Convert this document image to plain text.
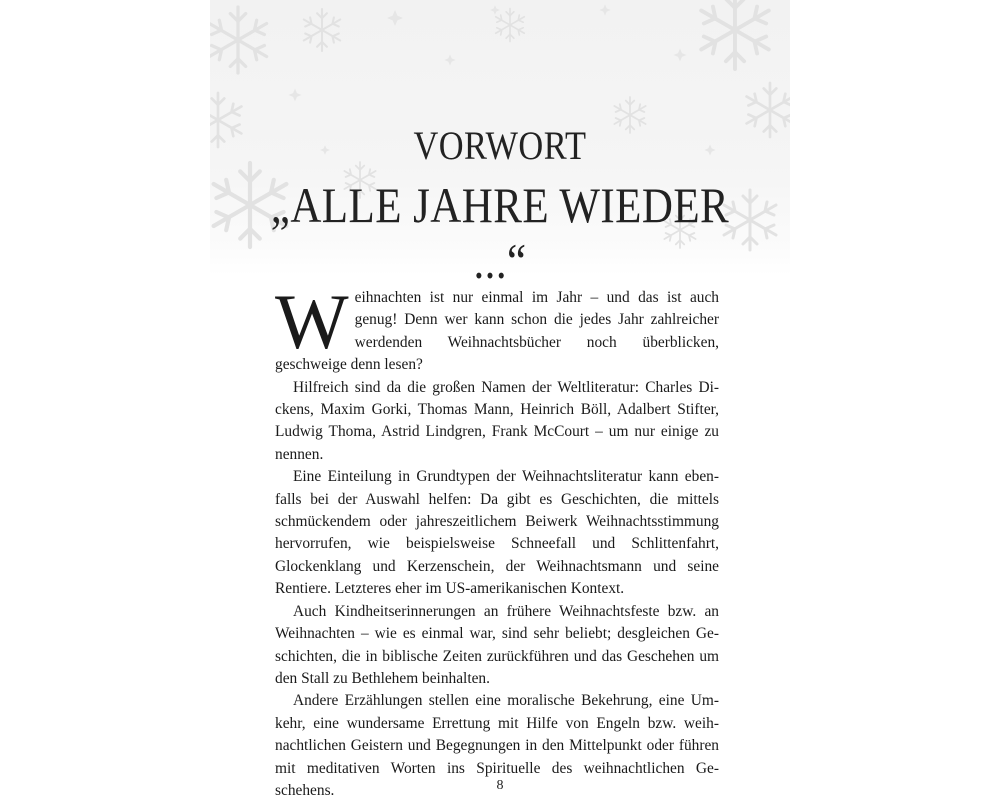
VORWORT
„ALLE JAHRE WIEDER ...“

Weihnachten ist nur einmal im Jahr – und das ist auch genug! Denn wer kann schon die jedes Jahr zahlreicher werdenden Weihnachtsbücher noch überblicken, geschweige denn lesen?

Hilfreich sind da die großen Namen der Weltliteratur: Charles Dickens, Maxim Gorki, Thomas Mann, Heinrich Böll, Adalbert Stifter, Ludwig Thoma, Astrid Lindgren, Frank McCourt – um nur einige zu nennen.

Eine Einteilung in Grundtypen der Weihnachtsliteratur kann ebenfalls bei der Auswahl helfen: Da gibt es Geschichten, die mittels schmückendem oder jahreszeitlichem Beiwerk Weihnachtsstimmung hervorrufen, wie beispielsweise Schneefall und Schlittenfahrt, Glockenklang und Kerzenschein, der Weihnachtsmann und seine Rentiere. Letzteres eher im US-amerikanischen Kontext.

Auch Kindheitserinnerungen an frühere Weihnachtsfeste bzw. an Weihnachten – wie es einmal war, sind sehr beliebt; desgleichen Geschichten, die in biblische Zeiten zurückführen und das Geschehen um den Stall zu Bethlehem beinhalten.

Andere Erzählungen stellen eine moralische Bekehrung, eine Umkehr, eine wundersame Errettung mit Hilfe von Engeln bzw. weihnachtlichen Geistern und Begegnungen in den Mittelpunkt oder führen mit meditativen Worten ins Spirituelle des weihnachtlichen Geschehens.	8
